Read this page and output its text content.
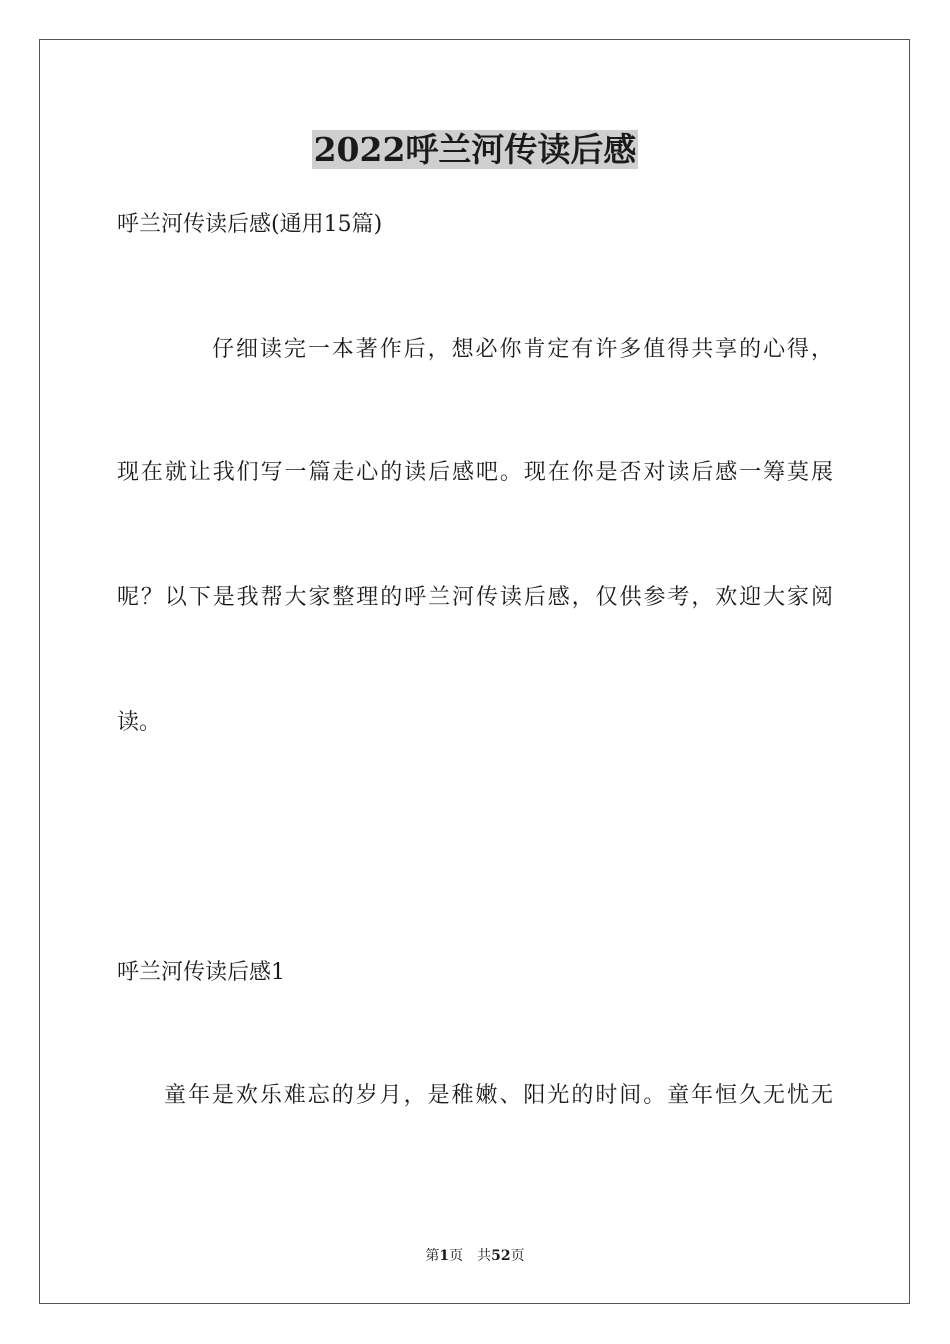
2022呼兰河传读后感
呼兰河传读后感(通用15篇)
仔细读完一本著作后，想必你肯定有许多值得共享的心得，
现在就让我们写一篇走心的读后感吧。现在你是否对读后感一筹莫展
呢？以下是我帮大家整理的呼兰河传读后感，仅供参考，欢迎大家阅
读。
呼兰河传读后感1
童年是欢乐难忘的岁月，是稚嫩、阳光的时间。童年恒久无忧无
第1页 共52页
